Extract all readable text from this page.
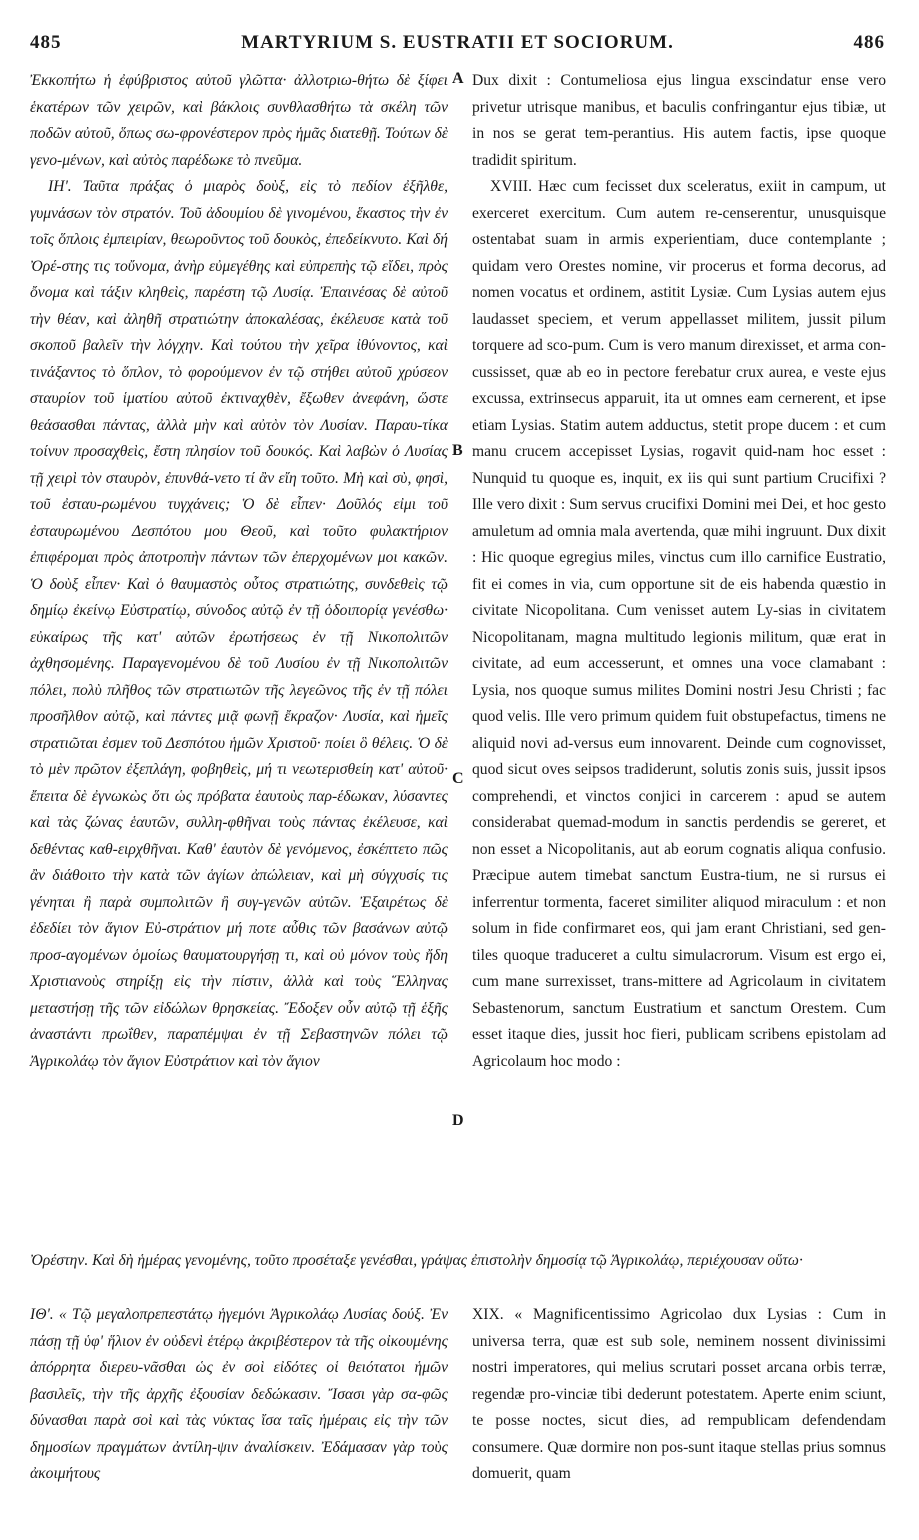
485	MARTYRIUM S. EUSTRATII ET SOCIORUM.	486

Ἐκκοπήτω ἡ ἐφύβριστος αὐτοῦ γλῶττα· ἀλλοτριω-θήτω δὲ ξίφει ἑκατέρων τῶν χειρῶν, καὶ βάκλοις συνθλασθήτω τὰ σκέλη τῶν ποδῶν αὐτοῦ, ὅπως σω-φρονέστερον πρὸς ἡμᾶς διατεθῇ. Τούτων δὲ γενο-μένων, καὶ αὐτὸς παρέδωκε τὸ πνεῦμα.

ΙΗ'. Ταῦτα πράξας ὁ μιαρὸς δοὺξ, εἰς τὸ πεδίον ἐξῆλθε, γυμνάσων τὸν στρατόν. Τοῦ ἀδουμίου δὲ γινομένου, ἕκαστος τὴν ἐν τοῖς ὅπλοις ἐμπειρίαν, θεωροῦντος τοῦ δουκὸς, ἐπεδείκνυτο. Καὶ δή Ὀρέ-στης τις τοὔνομα, ἀνὴρ εὐμεγέθης καὶ εὐπρεπὴς τῷ εἴδει, πρὸς ὄνομα καὶ τάξιν κληθεὶς, παρέστη τῷ Λυσίᾳ. Ἐπαινέσας δὲ αὐτοῦ τὴν θέαν, καὶ ἀληθῆ στρατιώτην ἀποκαλέσας, ἐκέλευσε κατὰ τοῦ σκοποῦ βαλεῖν τὴν λόγχην. Καὶ τούτου τὴν χεῖρα ἰθύνοντος, καὶ τινάξαντος τὸ ὅπλον, τὸ φορούμενον ἐν τῷ στήθει αὐτοῦ χρύσεον σταυρίον τοῦ ἱματίου αὐτοῦ ἐκτιναχθὲν, ἔξωθεν ἀνεφάνη, ὥστε θεάσασθαι πάντας, ἀλλὰ μὴν καὶ αὐτὸν τὸν Λυσίαν. Παραυ-τίκα τοίνυν προσαχθεὶς, ἔστη πλησίον τοῦ δουκός. Καὶ λαβὼν ὁ Λυσίας τῇ χειρὶ τὸν σταυρὸν, ἐπυνθά-νετο τί ἂν εἴη τοῦτο. Μὴ καὶ σὺ, φησὶ, τοῦ ἐσταυ-ρωμένου τυγχάνεις; Ὁ δὲ εἶπεν· Δοῦλός εἰμι τοῦ ἐσταυρωμένου Δεσπότου μου Θεοῦ, καὶ τοῦτο φυλακτήριον ἐπιφέρομαι πρὸς ἀποτροπὴν πάντων τῶν ἐπερχομένων μοι κακῶν. Ὁ δοὺξ εἶπεν· Καὶ ὁ θαυμαστὸς οὗτος στρατιώτης, συνδεθεὶς τῷ δημίῳ ἐκείνῳ Εὐστρατίῳ, σύνοδος αὐτῷ ἐν τῇ ὁδοιπορίᾳ γενέσθω· εὐκαίρως τῆς κατ' αὐτῶν ἐρωτήσεως ἐν τῇ Νικοπολιτῶν ἀχθησομένης. Παραγενομένου δὲ τοῦ Λυσίου ἐν τῇ Νικοπολιτῶν πόλει, πολὺ πλῆθος τῶν στρατιωτῶν τῆς λεγεῶνος τῆς ἐν τῇ πόλει προσῆλθον αὐτῷ, καὶ πάντες μιᾷ φωνῇ ἔκραζον· Λυσία, καὶ ἡμεῖς στρατιῶται ἐσμεν τοῦ Δεσπότου ἡμῶν Χριστοῦ· ποίει ὃ θέλεις. Ὁ δὲ τὸ μὲν πρῶτον ἐξεπλάγη, φοβηθεὶς, μή τι νεωτερισθείη κατ' αὐτοῦ· ἔπειτα δὲ ἐγνωκὼς ὅτι ὡς πρόβατα ἑαυτοὺς παρ-έδωκαν, λύσαντες καὶ τὰς ζώνας ἑαυτῶν, συλλη-φθῆναι τοὺς πάντας ἐκέλευσε, καὶ δεθέντας καθ-ειρχθῆναι. Καθ' ἑαυτὸν δὲ γενόμενος, ἐσκέπτετο πῶς ἂν διάθοιτο τὴν κατὰ τῶν ἁγίων ἀπώλειαν, καὶ μὴ σύγχυσίς τις γένηται ἢ παρὰ συμπολιτῶν ἢ συγ-γενῶν αὐτῶν. Ἐξαιρέτως δὲ ἐδεδίει τὸν ἅγιον Εὐ-στράτιον μή ποτε αὖθις τῶν βασάνων αὐτῷ προσ-αγομένων ὁμοίως θαυματουργήσῃ τι, καὶ οὐ μόνον τοὺς ἤδη Χριστιανοὺς στηρίξῃ εἰς τὴν πίστιν, ἀλλὰ καὶ τοὺς Ἕλληνας μεταστήσῃ τῆς τῶν εἰδώλων θρησκείας. Ἔδοξεν οὖν αὐτῷ τῇ ἑξῆς ἀναστάντι πρωΐθεν, παραπέμψαι ἐν τῇ Σεβαστηνῶν πόλει τῷ Ἀγρικολάῳ τὸν ἅγιον Εὐστράτιον καὶ τὸν ἅγιον

A
B
C
D

Dux dixit : Contumeliosa ejus lingua exscindatur ense vero privetur utrisque manibus, et baculis confringantur ejus tibiæ, ut in nos se gerat tem-perantius. His autem factis, ipse quoque tradidit spiritum.

XVIII. Hæc cum fecisset dux sceleratus, exiit in campum, ut exerceret exercitum. Cum autem re-censerentur, unusquisque ostentabat suam in armis experientiam, duce contemplante ; quidam vero Orestes nomine, vir procerus et forma decorus, ad nomen vocatus et ordinem, astitit Lysiæ. Cum Lysias autem ejus laudasset speciem, et verum appellasset militem, jussit pilum torquere ad sco-pum. Cum is vero manum direxisset, et arma con-cussisset, quæ ab eo in pectore ferebatur crux aurea, e veste ejus excussa, extrinsecus apparuit, ita ut omnes eam cernerent, et ipse etiam Lysias. Statim autem adductus, stetit prope ducem : et cum manu crucem accepisset Lysias, rogavit quid-nam hoc esset : Nunquid tu quoque es, inquit, ex iis qui sunt partium Crucifixi ? Ille vero dixit : Sum servus crucifixi Domini mei Dei, et hoc gesto amuletum ad omnia mala avertenda, quæ mihi ingruunt. Dux dixit : Hic quoque egregius miles, vinctus cum illo carnifice Eustratio, fit ei comes in via, cum opportune sit de eis habenda quæstio in civitate Nicopolitana. Cum venisset autem Ly-sias in civitatem Nicopolitanam, magna multitudo legionis militum, quæ erat in civitate, ad eum accesserunt, et omnes una voce clamabant : Lysia, nos quoque sumus milites Domini nostri Jesu Christi ; fac quod velis. Ille vero primum quidem fuit obstupefactus, timens ne aliquid novi ad-versus eum innovarent. Deinde cum cognovisset, quod sicut oves seipsos tradiderunt, solutis zonis suis, jussit ipsos comprehendi, et vinctos conjici in carcerem : apud se autem considerabat quemad-modum in sanctis perdendis se gereret, et non esset a Nicopolitanis, aut ab eorum cognatis aliqua confusio. Præcipue autem timebat sanctum Eustra-tium, ne si rursus ei inferrentur tormenta, faceret similiter aliquod miraculum : et non solum in fide confirmaret eos, qui jam erant Christiani, sed gen-tiles quoque traduceret a cultu simulacrorum. Visum est ergo ei, cum mane surrexisset, trans-mittere ad Agricolaum in civitatem Sebastenorum, sanctum Eustratium et sanctum Orestem. Cum esset itaque dies, jussit hoc fieri, publicam scribens epistolam ad Agricolaum hoc modo :

Ὀρέστην. Καὶ δὴ ἡμέρας γενομένης, τοῦτο προσέταξε γενέσθαι, γράψας ἐπιστολὴν δημοσίᾳ τῷ Ἀγρικολάῳ, περιέχουσαν οὕτω·

ΙΘ'. « Τῷ μεγαλοπρεπεστάτῳ ἡγεμόνι Ἀγρικολάῳ Λυσίας δούξ. Ἐν πάσῃ τῇ ὑφ' ἥλιον ἐν οὐδενὶ ἑτέρῳ ἀκριβέστερον τὰ τῆς οἰκουμένης ἀπόρρητα διερευ-νᾶσθαι ὡς ἐν σοὶ εἰδότες οἱ θειότατοι ἡμῶν βασιλεῖς, τὴν τῆς ἀρχῆς ἐξουσίαν δεδώκασιν. Ἴσασι γὰρ σα-φῶς δύνασθαι παρὰ σοὶ καὶ τὰς νύκτας ἴσα ταῖς ἡμέραις εἰς τὴν τῶν δημοσίων πραγμάτων ἀντίλη-ψιν ἀναλίσκειν. Ἐδάμασαν γὰρ τοὺς ἀκοιμήτους

XIX. « Magnificentissimo Agricolao dux Lysias : Cum in universa terra, quæ est sub sole, neminem nossent divinissimi nostri imperatores, qui melius scrutari posset arcana orbis terræ, regendæ pro-vinciæ tibi dederunt potestatem. Aperte enim sciunt, te posse noctes, sicut dies, ad rempublicam defendendam consumere. Quæ dormire non pos-sunt itaque stellas prius somnus domuerit, quam
